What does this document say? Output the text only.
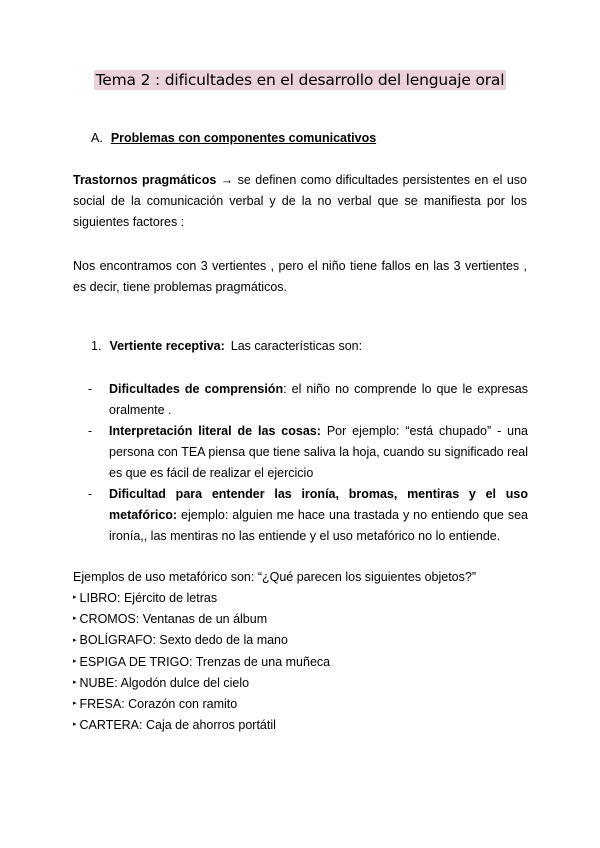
Tema 2 : dificultades en el desarrollo del lenguaje oral
A. Problemas con componentes comunicativos
Trastornos pragmáticos → se definen como dificultades persistentes en el uso social de la comunicación verbal y de la no verbal que se manifiesta por los siguientes factores :
Nos encontramos con 3 vertientes , pero el niño tiene fallos en las 3 vertientes , es decir, tiene problemas pragmáticos.
1. Vertiente receptiva: Las características son:
- Dificultades de comprensión: el niño no comprende lo que le expresas oralmente .
- Interpretación literal de las cosas: Por ejemplo: “está chupado” - una persona con TEA piensa que tiene saliva la hoja, cuando su significado real es que es fácil de realizar el ejercicio
- Dificultad para entender las ironía, bromas, mentiras y el uso metafórico: ejemplo: alguien me hace una trastada y no entiendo que sea ironía,, las mentiras no las entiende y el uso metafórico no lo entiende.
Ejemplos de uso metafórico son: “¿Qué parecen los siguientes objetos?”
▸ LIBRO: Ejército de letras
▸ CROMOS: Ventanas de un álbum
▸ BOLÍGRAFO: Sexto dedo de la mano
▸ ESPIGA DE TRIGO: Trenzas de una muñeca
▸ NUBE: Algodón dulce del cielo
▸ FRESA: Corazón con ramito
▸ CARTERA: Caja de ahorros portátil
